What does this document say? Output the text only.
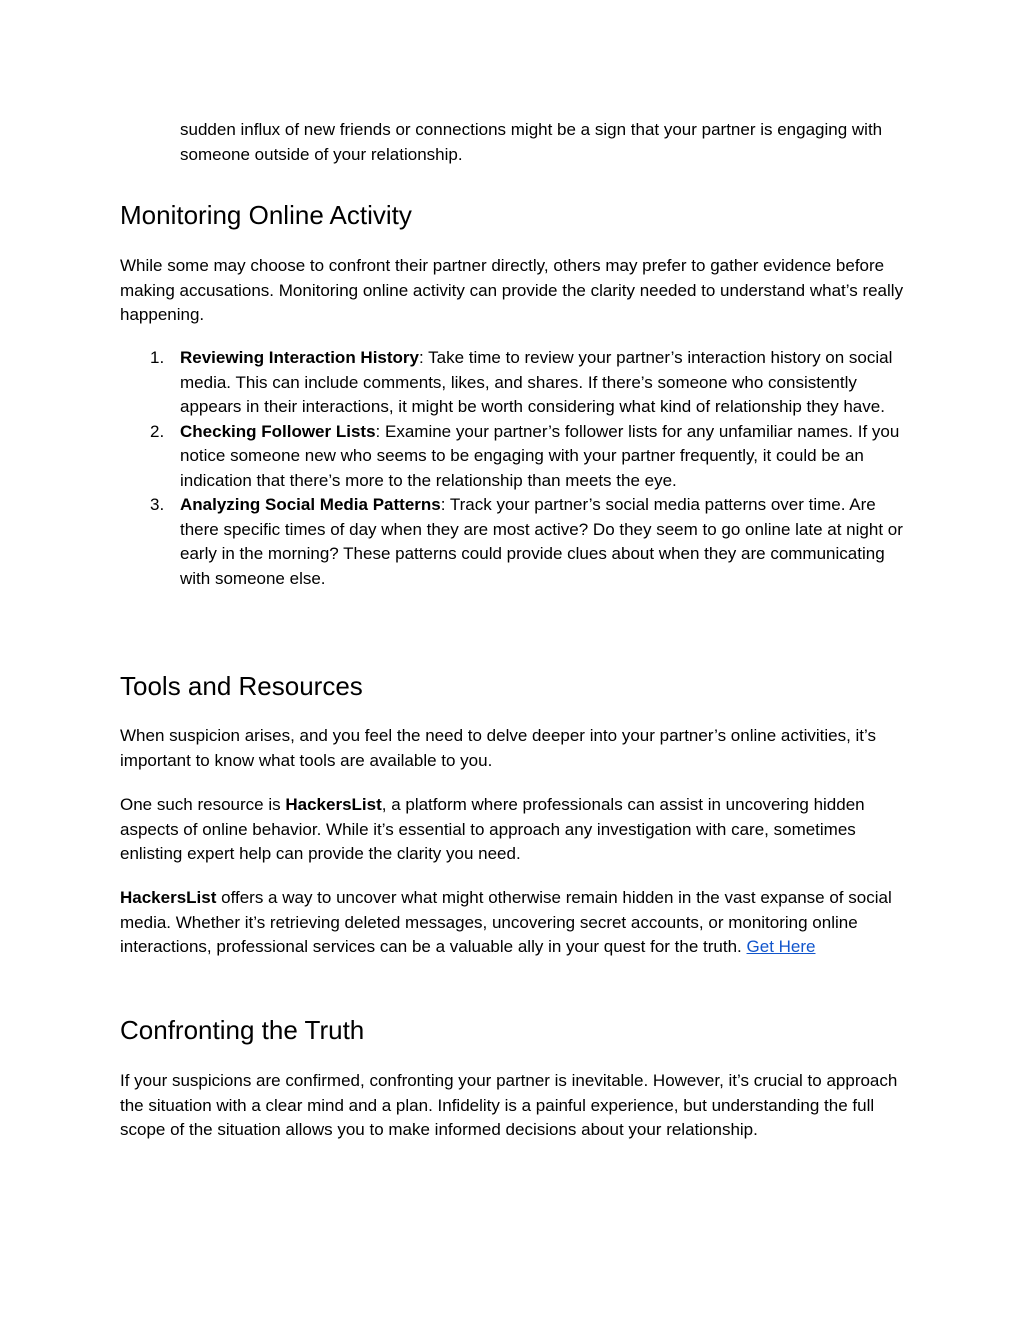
sudden influx of new friends or connections might be a sign that your partner is engaging with someone outside of your relationship.

Monitoring Online Activity

While some may choose to confront their partner directly, others may prefer to gather evidence before making accusations. Monitoring online activity can provide the clarity needed to understand what’s really happening.

1. Reviewing Interaction History: Take time to review your partner’s interaction history on social media. This can include comments, likes, and shares. If there’s someone who consistently appears in their interactions, it might be worth considering what kind of relationship they have.
2. Checking Follower Lists: Examine your partner’s follower lists for any unfamiliar names. If you notice someone new who seems to be engaging with your partner frequently, it could be an indication that there’s more to the relationship than meets the eye.
3. Analyzing Social Media Patterns: Track your partner’s social media patterns over time. Are there specific times of day when they are most active? Do they seem to go online late at night or early in the morning? These patterns could provide clues about when they are communicating with someone else.
Tools and Resources

When suspicion arises, and you feel the need to delve deeper into your partner’s online activities, it’s important to know what tools are available to you.

One such resource is HackersList, a platform where professionals can assist in uncovering hidden aspects of online behavior. While it’s essential to approach any investigation with care, sometimes enlisting expert help can provide the clarity you need.

HackersList offers a way to uncover what might otherwise remain hidden in the vast expanse of social media. Whether it’s retrieving deleted messages, uncovering secret accounts, or monitoring online interactions, professional services can be a valuable ally in your quest for the truth. Get Here

Confronting the Truth

If your suspicions are confirmed, confronting your partner is inevitable. However, it’s crucial to approach the situation with a clear mind and a plan. Infidelity is a painful experience, but understanding the full scope of the situation allows you to make informed decisions about your relationship.
